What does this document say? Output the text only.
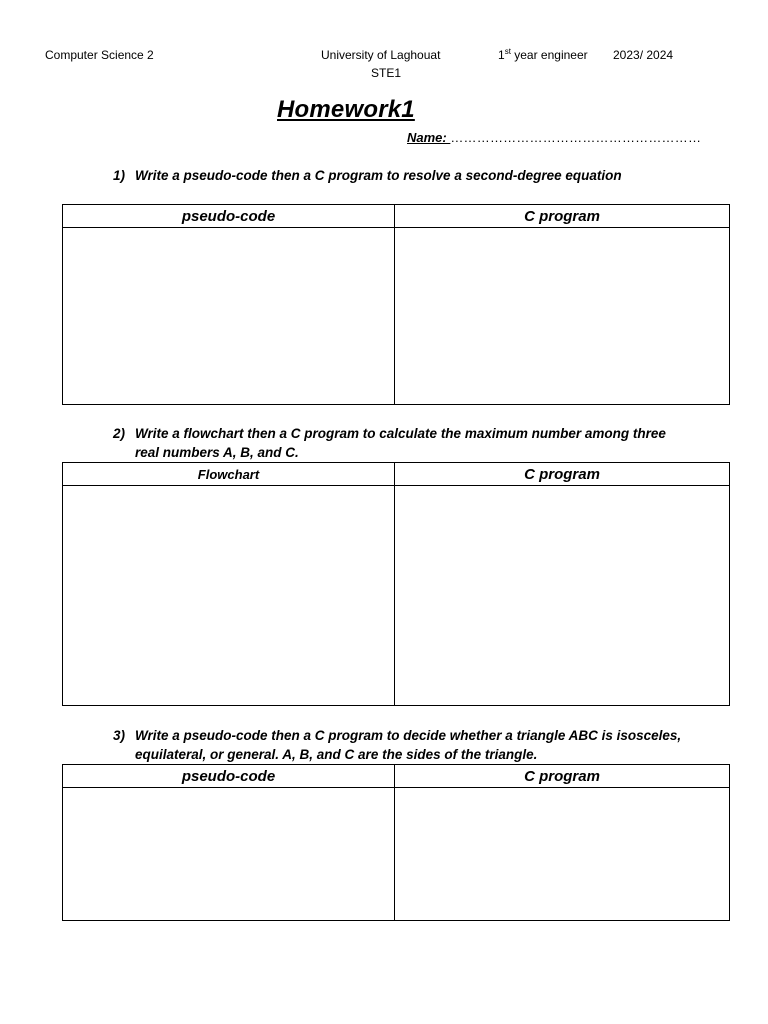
Computer Science 2	University of Laghouat
STE1
1st year engineer 2023/ 2024
Homework1
Name: …………………………………………………
1) Write a pseudo-code then a C program to resolve a second-degree equation
pseudo-code	C program

2) Write a flowchart then a C program to calculate the maximum number among three real numbers A, B, and C.
Flowchart	C program

3) Write a pseudo-code then a C program to decide whether a triangle ABC is isosceles, equilateral, or general. A, B, and C are the sides of the triangle.
pseudo-code	C program
